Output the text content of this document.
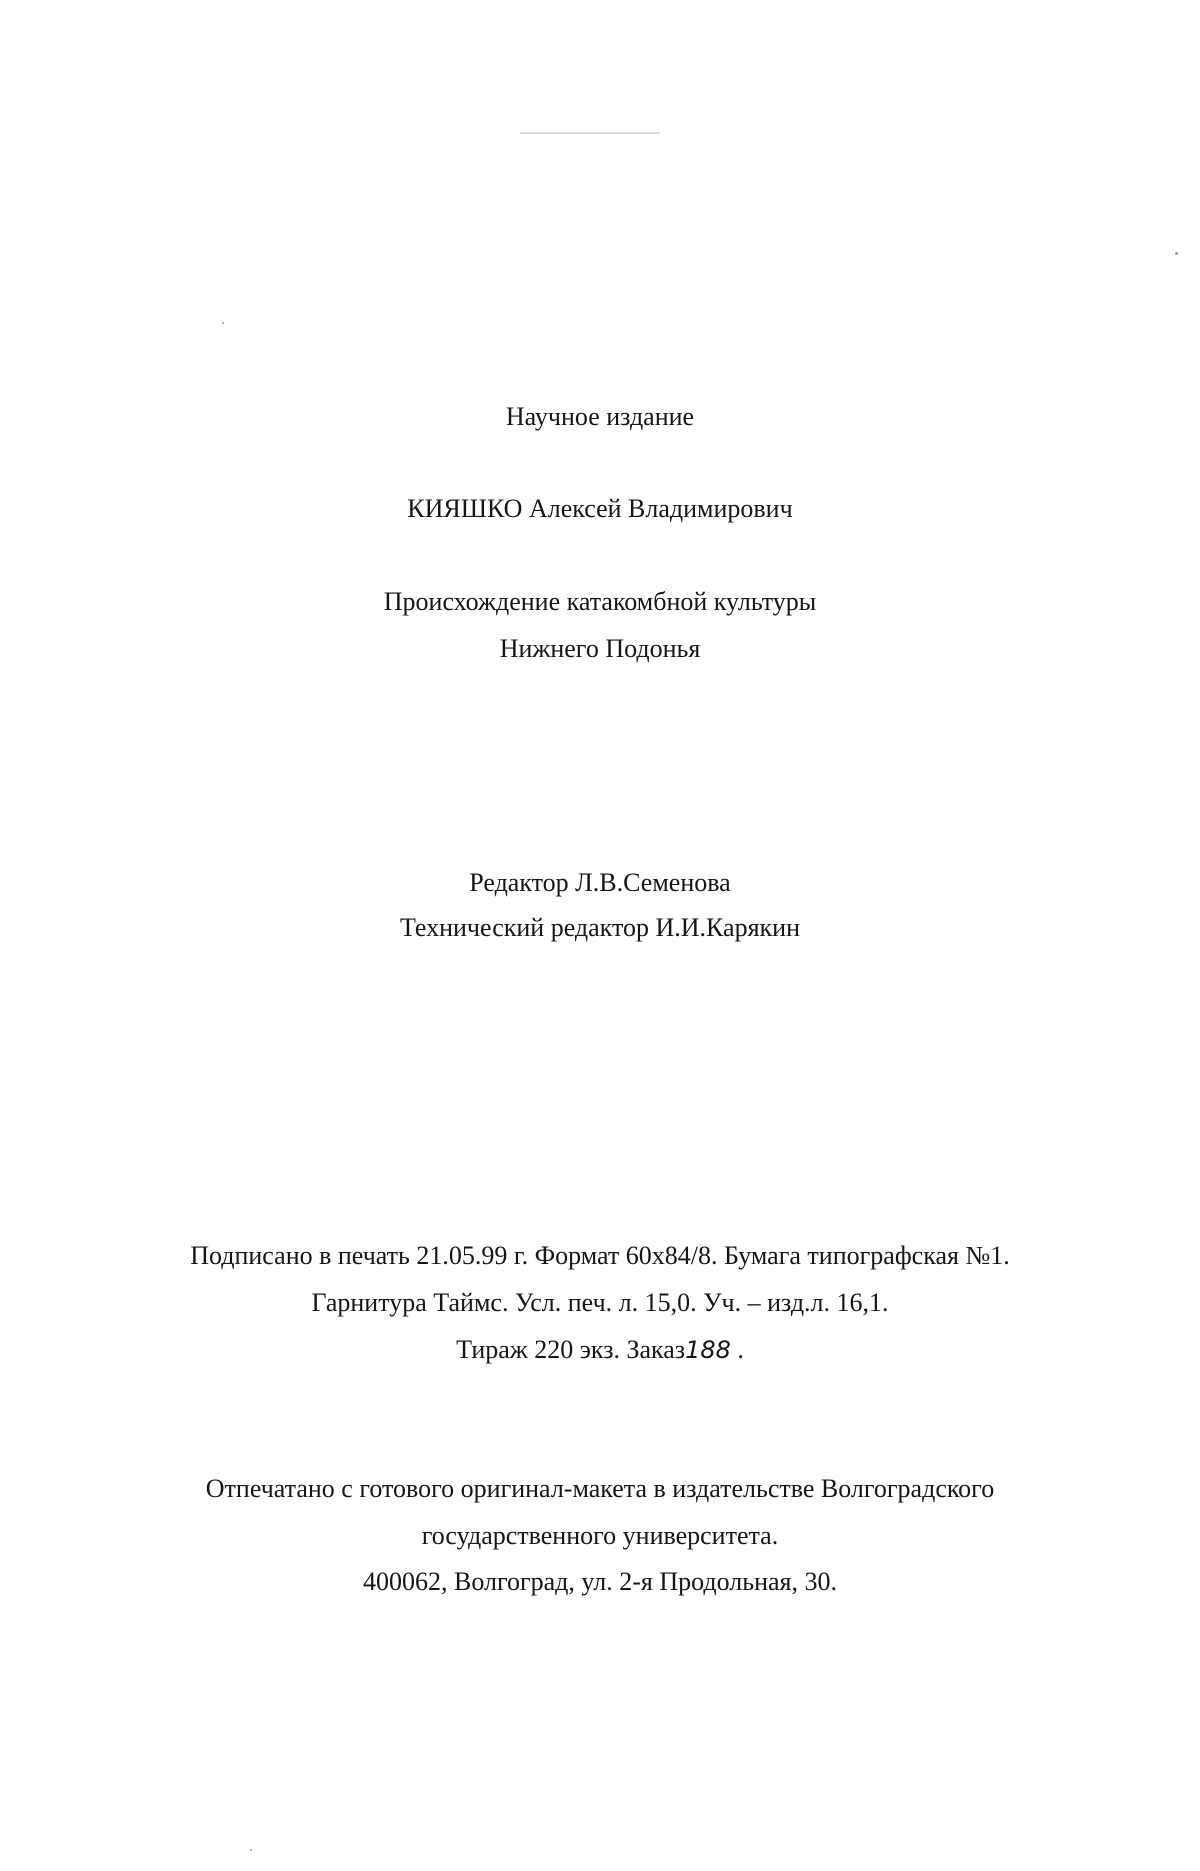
Научное издание
КИЯШКО Алексей Владимирович
Происхождение катакомбной культуры
Нижнего Подонья
Редактор Л.В.Семенова
Технический редактор И.И.Карякин
Подписано в печать 21.05.99 г. Формат 60х84/8. Бумага типографская №1.
Гарнитура Таймс. Усл. печ. л. 15,0. Уч. – изд.л. 16,1.
Тираж 220 экз. Заказ188 .
Отпечатано с готового оригинал-макета в издательстве Волгоградского
государственного университета.
400062, Волгоград, ул. 2-я Продольная, 30.
